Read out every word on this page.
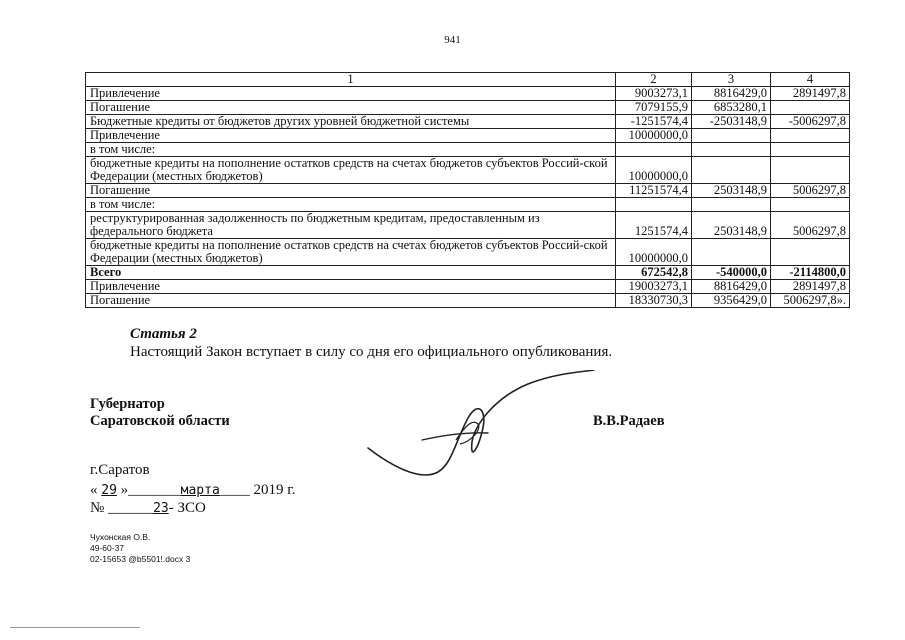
941
1	2	3	4
Привлечение	9003273,1	8816429,0	2891497,8
Погашение	7079155,9	6853280,1	
Бюджетные кредиты от бюджетов других уровней бюджетной системы	-1251574,4	-2503148,9	-5006297,8
Привлечение	10000000,0		
в том числе:			
бюджетные кредиты на пополнение остатков средств на счетах бюджетов субъектов Россий-ской Федерации (местных бюджетов)	10000000,0		
Погашение	11251574,4	2503148,9	5006297,8
в том числе:			
реструктурированная задолженность по бюджетным кредитам, предоставленным из федерального бюджета	1251574,4	2503148,9	5006297,8
бюджетные кредиты на пополнение остатков средств на счетах бюджетов субъектов Россий-ской Федерации (местных бюджетов)	10000000,0		
Всего	672542,8	-540000,0	-2114800,0
Привлечение	19003273,1	8816429,0	2891497,8
Погашение	18330730,3	9356429,0	5006297,8».
Статья 2
Настоящий Закон вступает в силу со дня его официального опубликования.
Губернатор
Саратовской области	В.В.Радаев
г.Саратов
« 29 »_______марта____ 2019 г.
№ ______23- ЗСО
Чухонская О.В.
49-60-37
02-15653 @b5501!.docx 3
